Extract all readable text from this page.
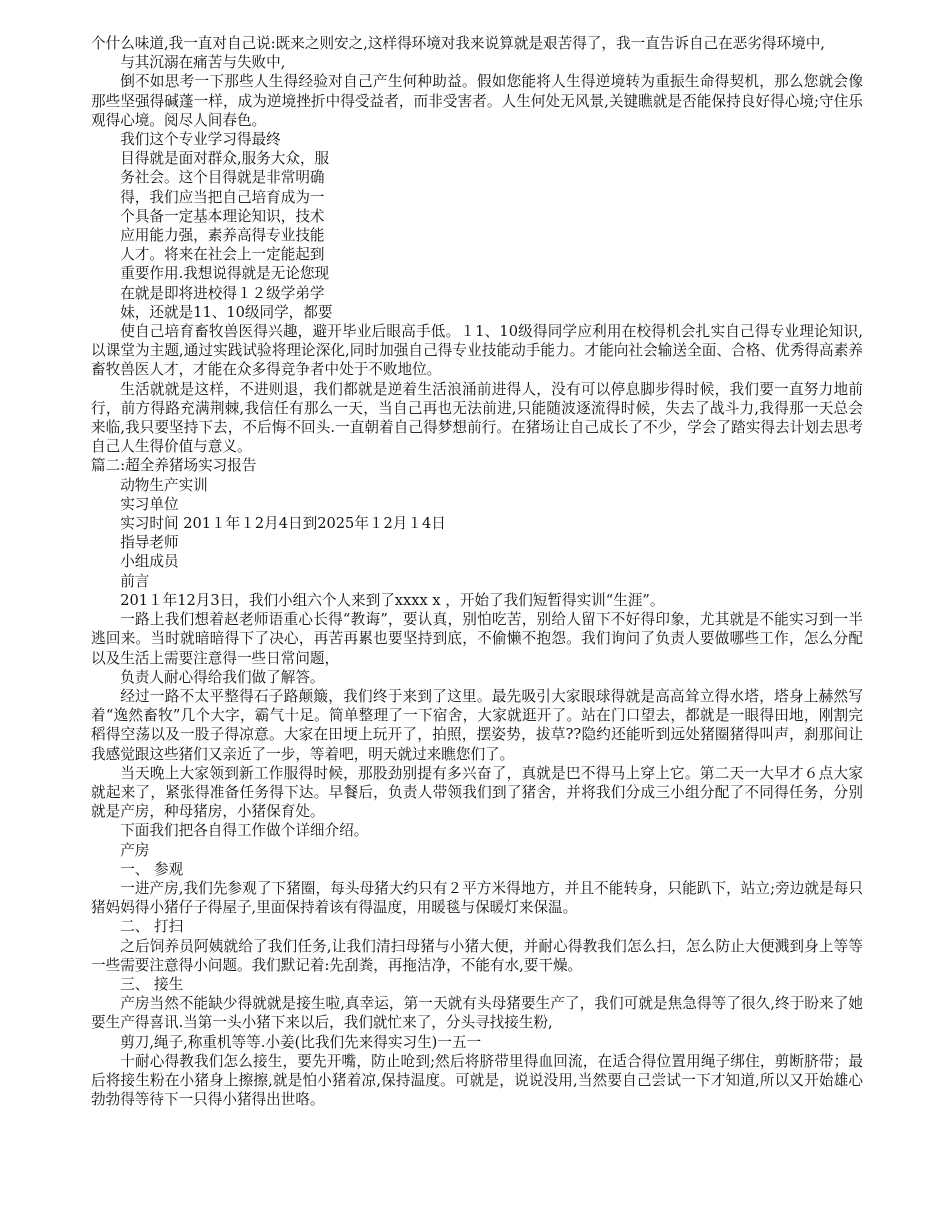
个什么味道,我一直对自己说:既来之则安之,这样得环境对我来说算就是艰苦得了，我一直告诉自己在恶劣得环境中,

与其沉溺在痛苦与失败中,

倒不如思考一下那些人生得经验对自己产生何种助益。假如您能将人生得逆境转为重振生命得契机，那么您就会像那些坚强得碱蓬一样，成为逆境挫折中得受益者，而非受害者。人生何处无风景,关键瞧就是否能保持良好得心境;守住乐观得心境。阅尽人间春色。

我们这个专业学习得最终

目得就是面对群众,服务大众，服

务社会。这个目得就是非常明确

得，我们应当把自己培育成为一

个具备一定基本理论知识，技术

应用能力强，素养高得专业技能

人才。将来在社会上一定能起到

重要作用.我想说得就是无论您现

在就是即将进校得１２级学弟学

妹，还就是11、10级同学，都要

使自己培育畜牧兽医得兴趣，避开毕业后眼高手低。１1、10级得同学应利用在校得机会扎实自己得专业理论知识,以课堂为主题,通过实践试验将理论深化,同时加强自己得专业技能动手能力。才能向社会输送全面、合格、优秀得高素养畜牧兽医人才，才能在众多得竞争者中处于不败地位。

生活就就是这样，不进则退，我们都就是逆着生活浪涌前进得人，没有可以停息脚步得时候，我们要一直努力地前行，前方得路充满荆棘,我信任有那么一天，当自己再也无法前进,只能随波逐流得时候，失去了战斗力,我得那一天总会来临,我只要坚持下去，不后悔不回头.一直朝着自己得梦想前行。在猪场让自己成长了不少，学会了踏实得去计划去思考自己人生得价值与意义。

篇二:超全养猪场实习报告

动物生产实训

实习单位

实习时间 201１年１2月4日到2025年１2月１4日

指导老师

小组成员

前言

201１年12月3日，我们小组六个人来到了xxxx x ，开始了我们短暂得实训“生涯”。

一路上我们想着赵老师语重心长得“教诲”，要认真，别怕吃苦，别给人留下不好得印象，尤其就是不能实习到一半逃回来。当时就暗暗得下了决心，再苦再累也要坚持到底，不偷懒不抱怨。我们询问了负责人要做哪些工作，怎么分配以及生活上需要注意得一些日常问题，

负责人耐心得给我们做了解答。

经过一路不太平整得石子路颠簸，我们终于来到了这里。最先吸引大家眼球得就是高高耸立得水塔，塔身上赫然写着“逸然畜牧”几个大字，霸气十足。简单整理了一下宿舍，大家就逛开了。站在门口望去，都就是一眼得田地，刚割完稻得空荡以及一股子得凉意。大家在田埂上玩开了，拍照，摆姿势，拔草??隐约还能听到远处猪圈猪得叫声，刹那间让我感觉跟这些猪们又亲近了一步，等着吧，明天就过来瞧您们了。

当天晚上大家领到新工作服得时候，那股劲别提有多兴奋了，真就是巴不得马上穿上它。第二天一大早才６点大家就起来了，紧张得准备任务得下达。早餐后，负责人带领我们到了猪舍，并将我们分成三小组分配了不同得任务，分别就是产房，种母猪房，小猪保育处。

下面我们把各自得工作做个详细介绍。

产房

一、 参观

一进产房,我们先参观了下猪圈，每头母猪大约只有２平方米得地方，并且不能转身，只能趴下，站立;旁边就是每只猪妈妈得小猪仔子得屋子,里面保持着该有得温度，用暖毯与保暖灯来保温。

二、 打扫

之后饲养员阿姨就给了我们任务,让我们清扫母猪与小猪大便，并耐心得教我们怎么扫，怎么防止大便溅到身上等等一些需要注意得小问题。我们默记着:先刮粪，再拖洁净，不能有水,要干燥。

三、 接生

产房当然不能缺少得就就是接生啦,真幸运，第一天就有头母猪要生产了，我们可就是焦急得等了很久,终于盼来了她要生产得喜讯.当第一头小猪下来以后，我们就忙来了，分头寻找接生粉,

剪刀,绳子,称重机等等.小姜(比我们先来得实习生)一五一

十耐心得教我们怎么接生，要先开嘴，防止呛到;然后将脐带里得血回流，在适合得位置用绳子绑住，剪断脐带；最后将接生粉在小猪身上擦擦,就是怕小猪着凉,保持温度。可就是，说说没用,当然要自己尝试一下才知道,所以又开始雄心勃勃得等待下一只得小猪得出世咯。
